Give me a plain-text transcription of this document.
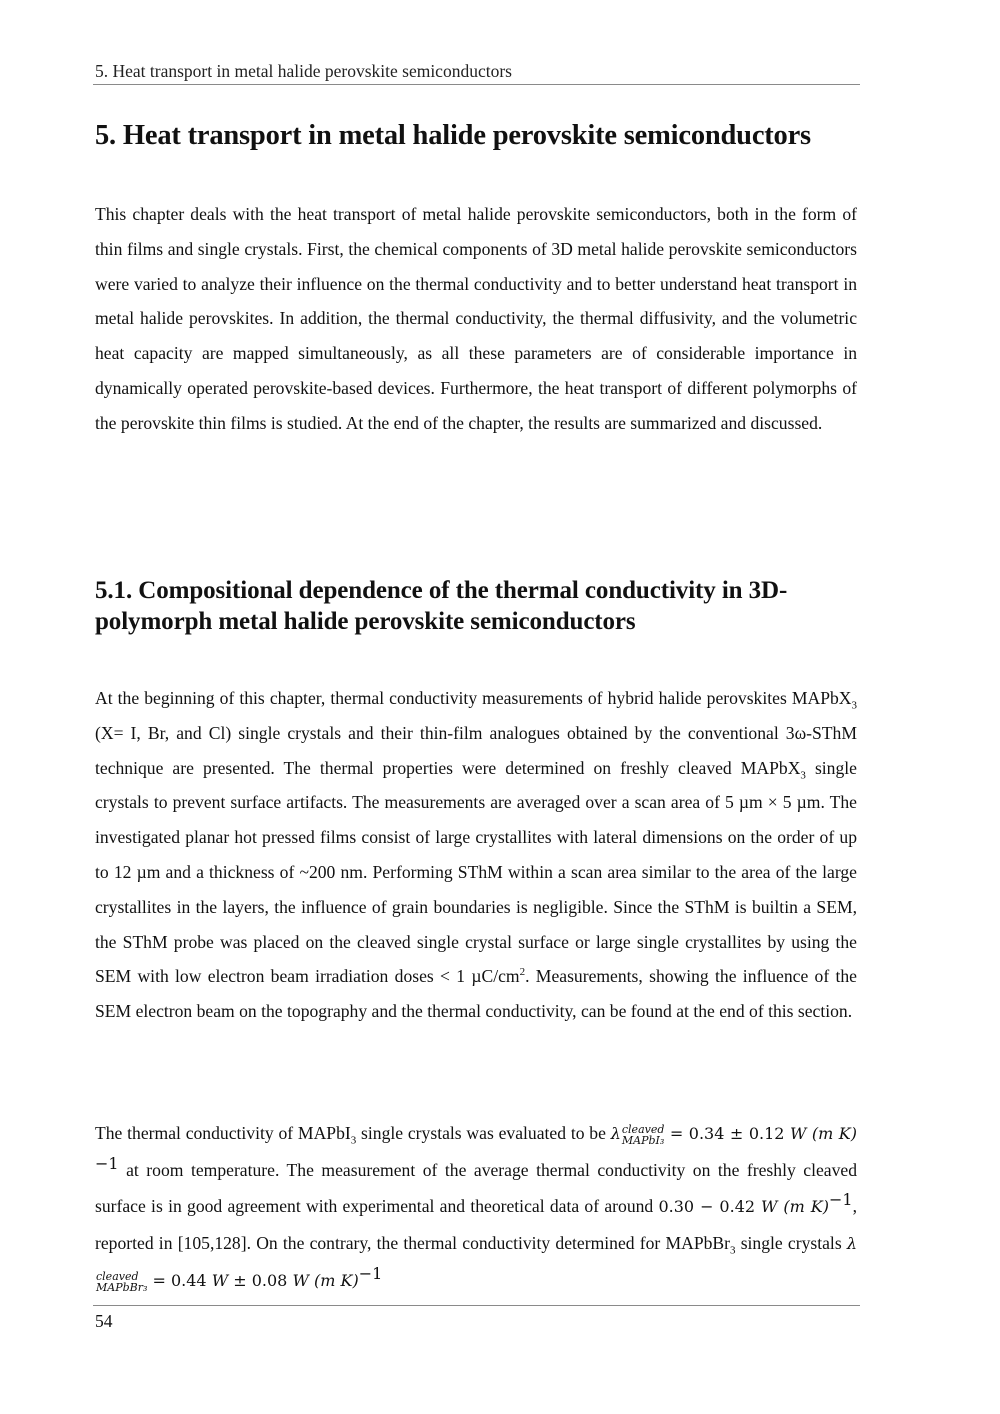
5. Heat transport in metal halide perovskite semiconductors
5. Heat transport in metal halide perovskite semiconductors

This chapter deals with the heat transport of metal halide perovskite semiconductors, both in the form of thin films and single crystals. First, the chemical components of 3D metal halide perovskite semiconductors were varied to analyze their influence on the thermal conductivity and to better understand heat transport in metal halide perovskites. In addition, the thermal conductivity, the thermal diffusivity, and the volumetric heat capacity are mapped simultaneously, as all these parameters are of considerable importance in dynamically operated perovskite-based devices. Furthermore, the heat transport of different polymorphs of the perovskite thin films is studied. At the end of the chapter, the results are summarized and discussed.

5.1. Compositional dependence of the thermal conductivity in 3D-polymorph metal halide perovskite semiconductors

At the beginning of this chapter, thermal conductivity measurements of hybrid halide perovskites MAPbX$_3$ (X= I, Br, and Cl) single crystals and their thin-film analogues obtained by the conventional 3ω-SThM technique are presented. The thermal properties were determined on freshly cleaved MAPbX$_3$ single crystals to prevent surface artifacts. The measurements are averaged over a scan area of 5 µm × 5 µm. The investigated planar hot pressed films consist of large crystallites with lateral dimensions on the order of up to 12 µm and a thickness of ~200 nm. Performing SThM within a scan area similar to the area of the large crystallites in the layers, the influence of grain boundaries is negligible. Since the SThM is builtin a SEM, the SThM probe was placed on the cleaved single crystal surface or large single crystallites by using the SEM with low electron beam irradiation doses < 1 $\mu C/cm^2$. Measurements, showing the influence of the SEM electron beam on the topography and the thermal conductivity, can be found at the end of this section.

The thermal conductivity of MAPbI$_3$ single crystals was evaluated to be λ cleaved
MAPbI₃ = 0.34 ± 0.12 W (m K)$^{-1}$ at room temperature. The measurement of the average thermal conductivity on the freshly cleaved surface is in good agreement with experimental and theoretical data of around 0.30 − 0.42 W (m K)$^{-1}$, reported in [105,128]. On the contrary, the thermal conductivity determined for MAPbBr$_3$ single crystals λ
cleaved
MAPbBr₃ = 0.44 W ± 0.08 W (m K)$^{-1}$

54
